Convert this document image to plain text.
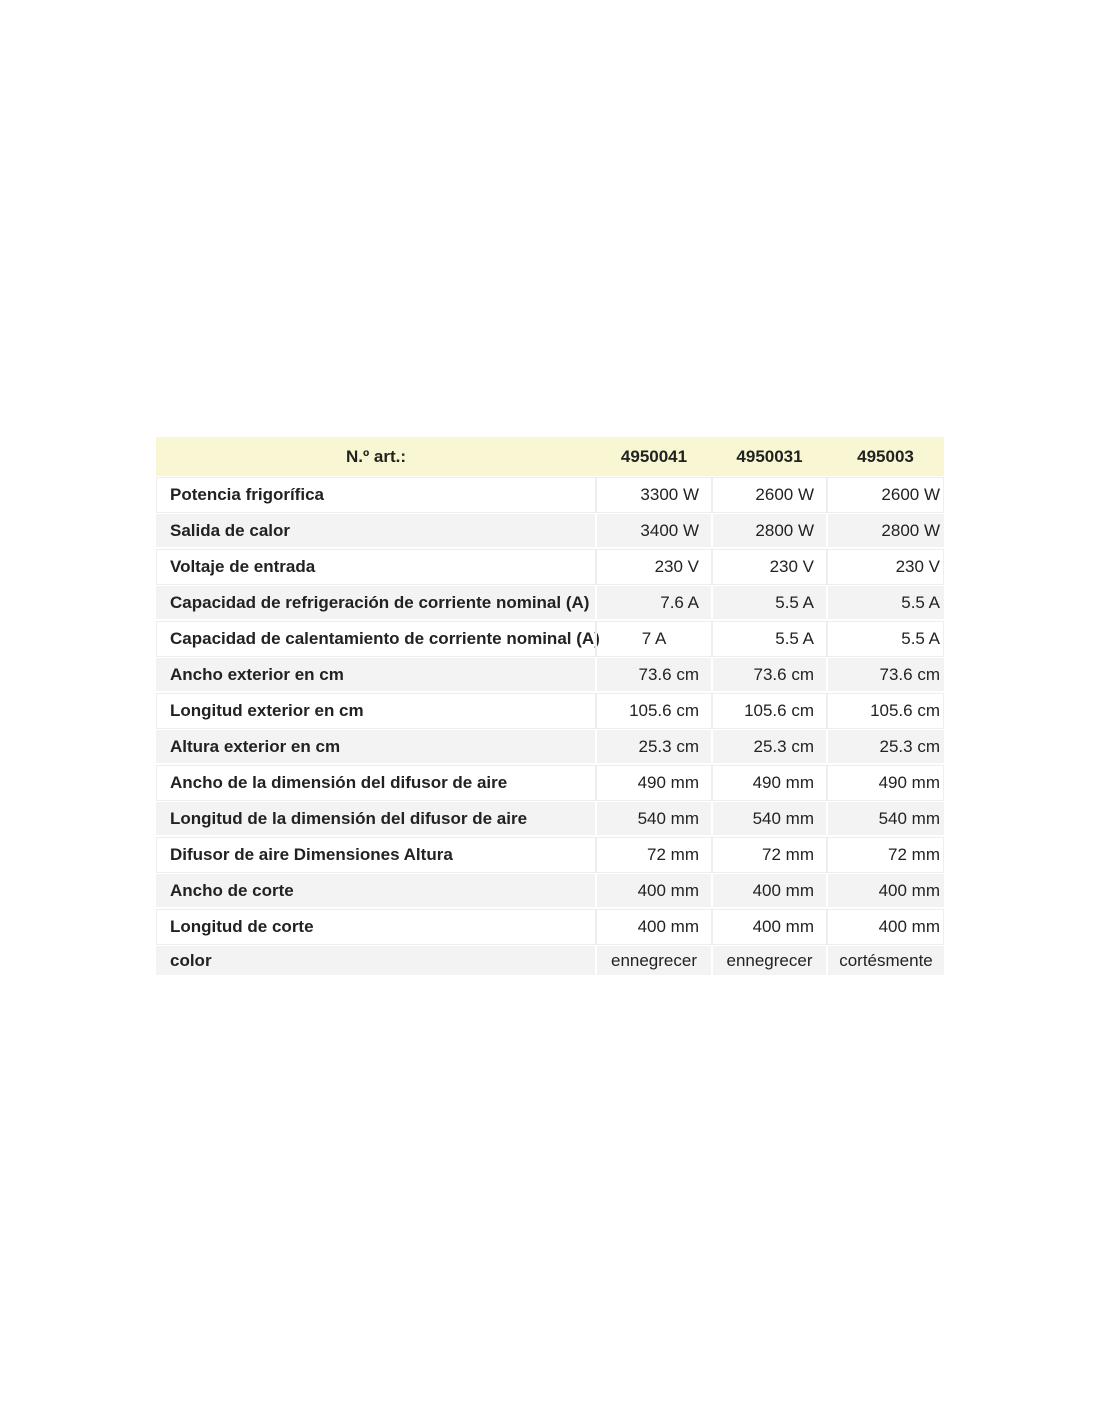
N.º art.:	4950041	4950031	495003
Potencia frigorífica	3300 W	2600 W	2600 W
Salida de calor	3400 W	2800 W	2800 W
Voltaje de entrada	230 V	230 V	230 V
Capacidad de refrigeración de corriente nominal (A)	7.6 A	5.5 A	5.5 A
Capacidad de calentamiento de corriente nominal (A)	7 A	5.5 A	5.5 A
Ancho exterior en cm	73.6 cm	73.6 cm	73.6 cm
Longitud exterior en cm	105.6 cm	105.6 cm	105.6 cm
Altura exterior en cm	25.3 cm	25.3 cm	25.3 cm
Ancho de la dimensión del difusor de aire	490 mm	490 mm	490 mm
Longitud de la dimensión del difusor de aire	540 mm	540 mm	540 mm
Difusor de aire Dimensiones Altura	72 mm	72 mm	72 mm
Ancho de corte	400 mm	400 mm	400 mm
Longitud de corte	400 mm	400 mm	400 mm
color	ennegrecer	ennegrecer	cortésmente
